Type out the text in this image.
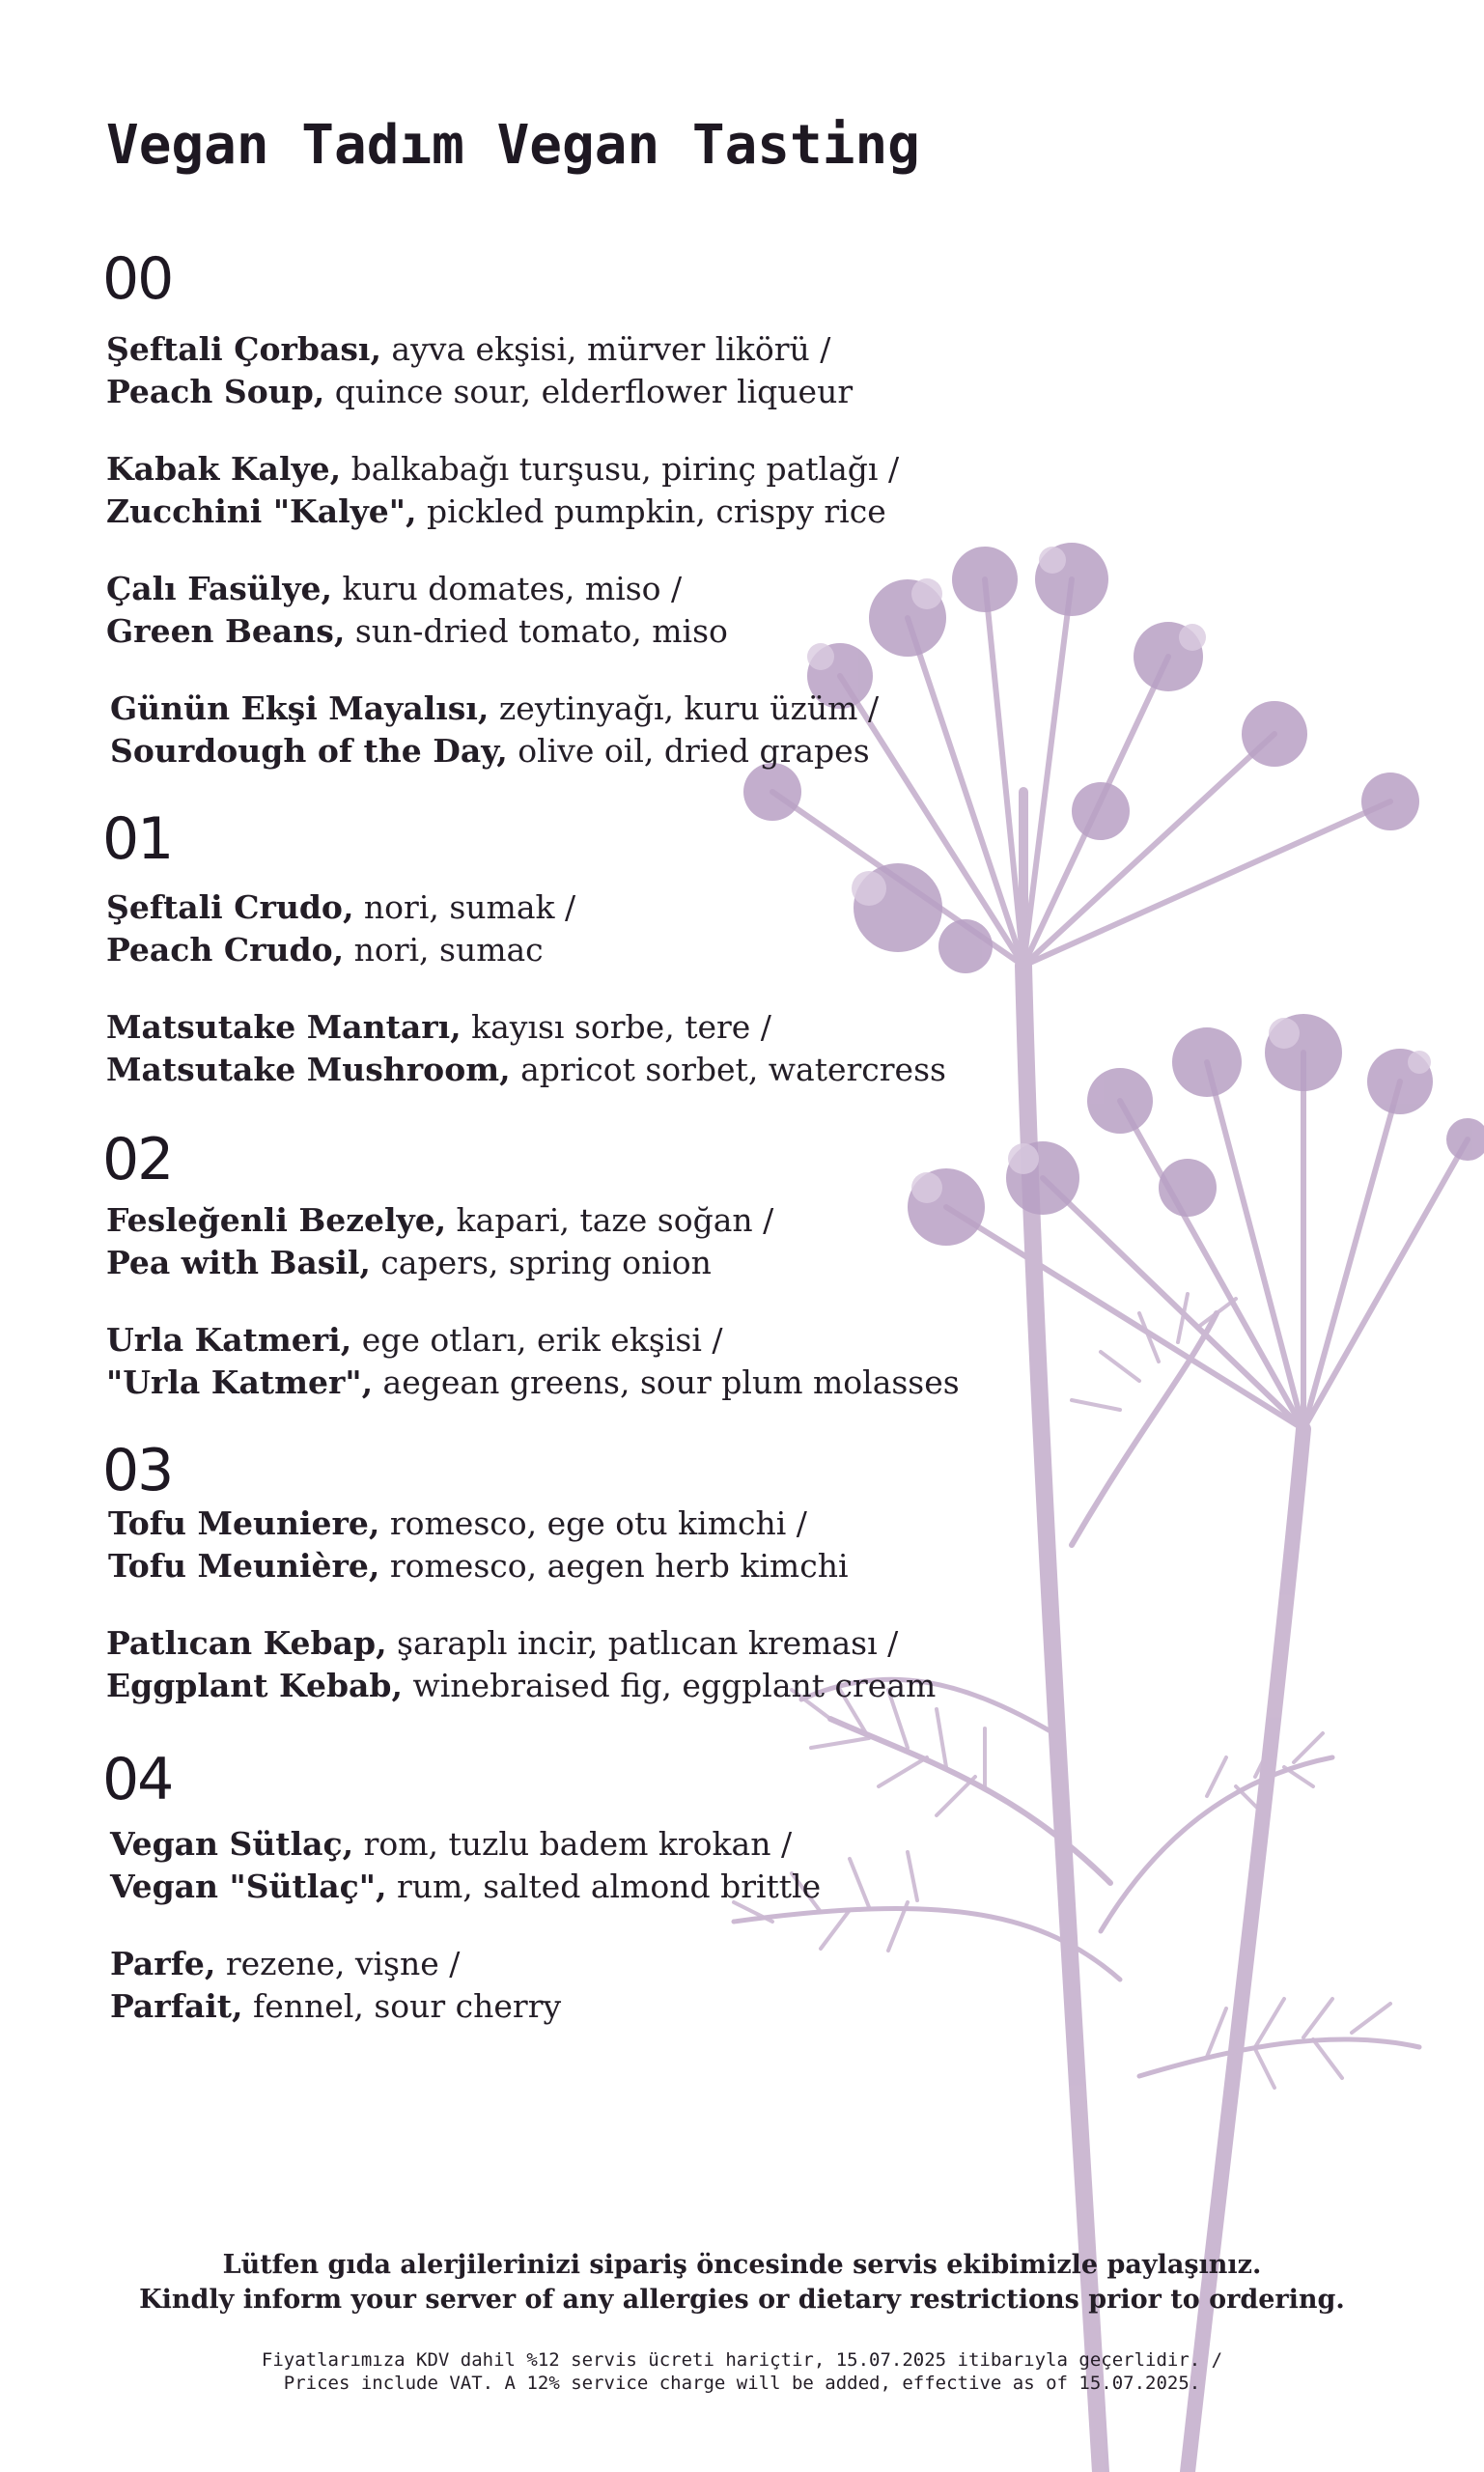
Vegan Tadım Vegan Tasting
00
Şeftali Çorbası, ayva ekşisi, mürver likörü /
Peach Soup, quince sour, elderflower liqueur
Kabak Kalye, balkabağı turşusu, pirinç patlağı /
Zucchini "Kalye", pickled pumpkin, crispy rice
Çalı Fasülye, kuru domates, miso /
Green Beans, sun-dried tomato, miso
Günün Ekşi Mayalısı, zeytinyağı, kuru üzüm /
Sourdough of the Day, olive oil, dried grapes
01
Şeftali Crudo, nori, sumak /
Peach Crudo, nori, sumac
Matsutake Mantarı, kayısı sorbe, tere /
Matsutake Mushroom, apricot sorbet, watercress
02
Fesleğenli Bezelye, kapari, taze soğan /
Pea with Basil, capers, spring onion
Urla Katmeri, ege otları, erik ekşisi /
"Urla Katmer", aegean greens, sour plum molasses
03
Tofu Meuniere, romesco, ege otu kimchi /
Tofu Meunière, romesco, aegen herb kimchi
Patlıcan Kebap, şaraplı incir, patlıcan kreması /
Eggplant Kebab, winebraised fig, eggplant cream
04
Vegan Sütlaç, rom, tuzlu badem krokan /
Vegan "Sütlaç", rum, salted almond brittle
Parfe, rezene, vişne /
Parfait, fennel, sour cherry
Lütfen gıda alerjilerinizi sipariş öncesinde servis ekibimizle paylaşınız.
Kindly inform your server of any allergies or dietary restrictions prior to ordering.
Fiyatlarımıza KDV dahil %12 servis ücreti hariçtir, 15.07.2025 itibarıyla geçerlidir. /
Prices include VAT. A 12% service charge will be added, effective as of 15.07.2025.
